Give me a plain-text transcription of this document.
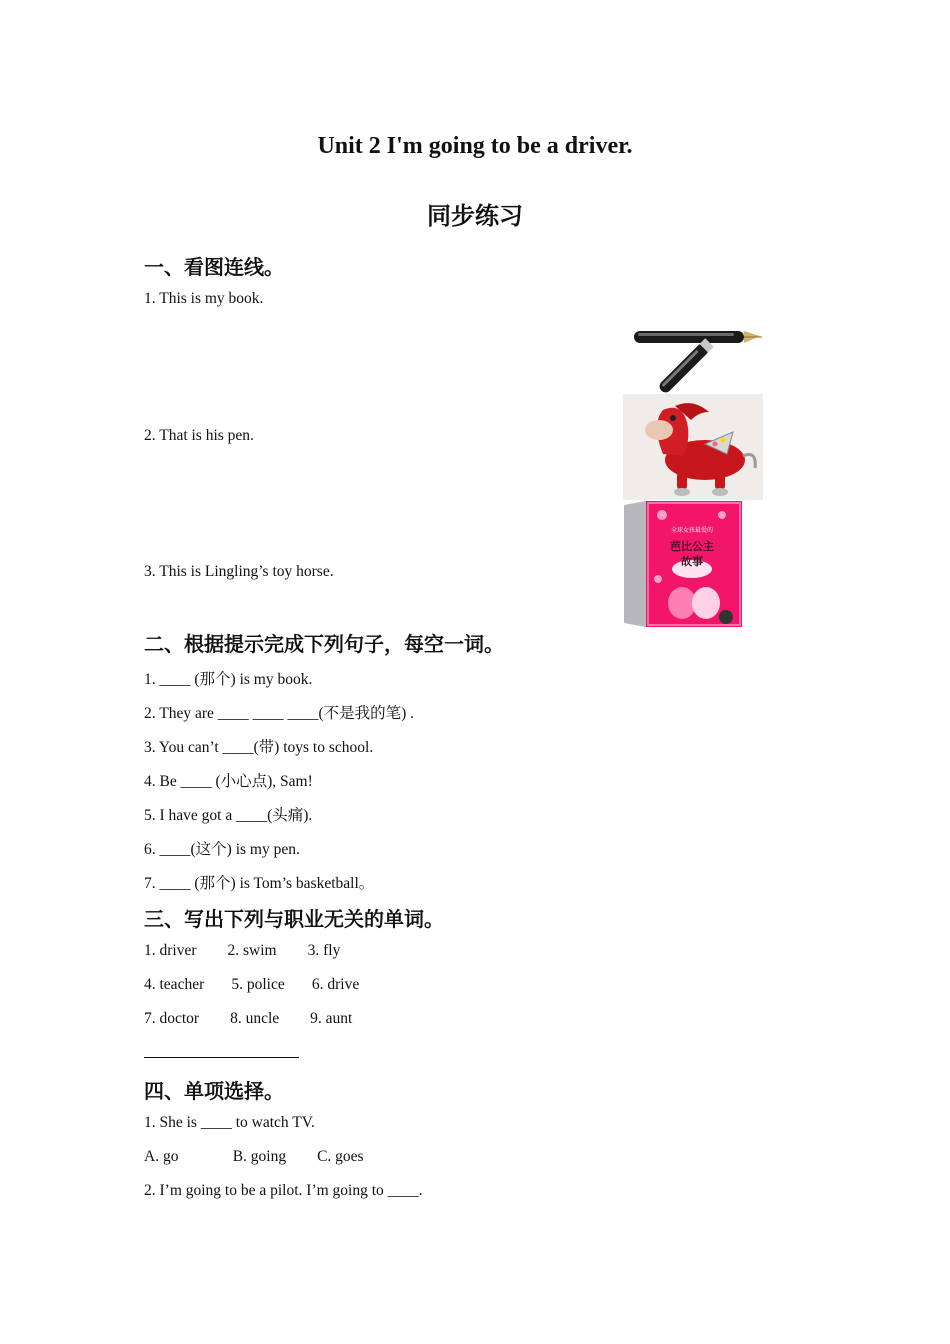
Unit 2 I'm going to be a driver.
同步练习
一、看图连线。
1. This is my book.
2. That is his pen.
3. This is Lingling’s toy horse.
全球女孩最爱的
芭比公主
故事
二、根据提示完成下列句子，每空一词。
1. ____ (那个) is my book.
2. They are ____ ____ ____(不是我的笔) .
3. You can’t ____(带) toys to school.
4. Be ____ (小心点), Sam!
5. I have got a ____(头痛).
6. ____(这个) is my pen.
7. ____ (那个) is Tom’s basketball。
三、写出下列与职业无关的单词。
1. driver        2. swim        3. fly
4. teacher       5. police       6. drive
7. doctor        8. uncle        9. aunt
四、单项选择。
1. She is ____ to watch TV.
A. go              B. going        C. goes
2. I’m going to be a pilot. I’m going to ____.
